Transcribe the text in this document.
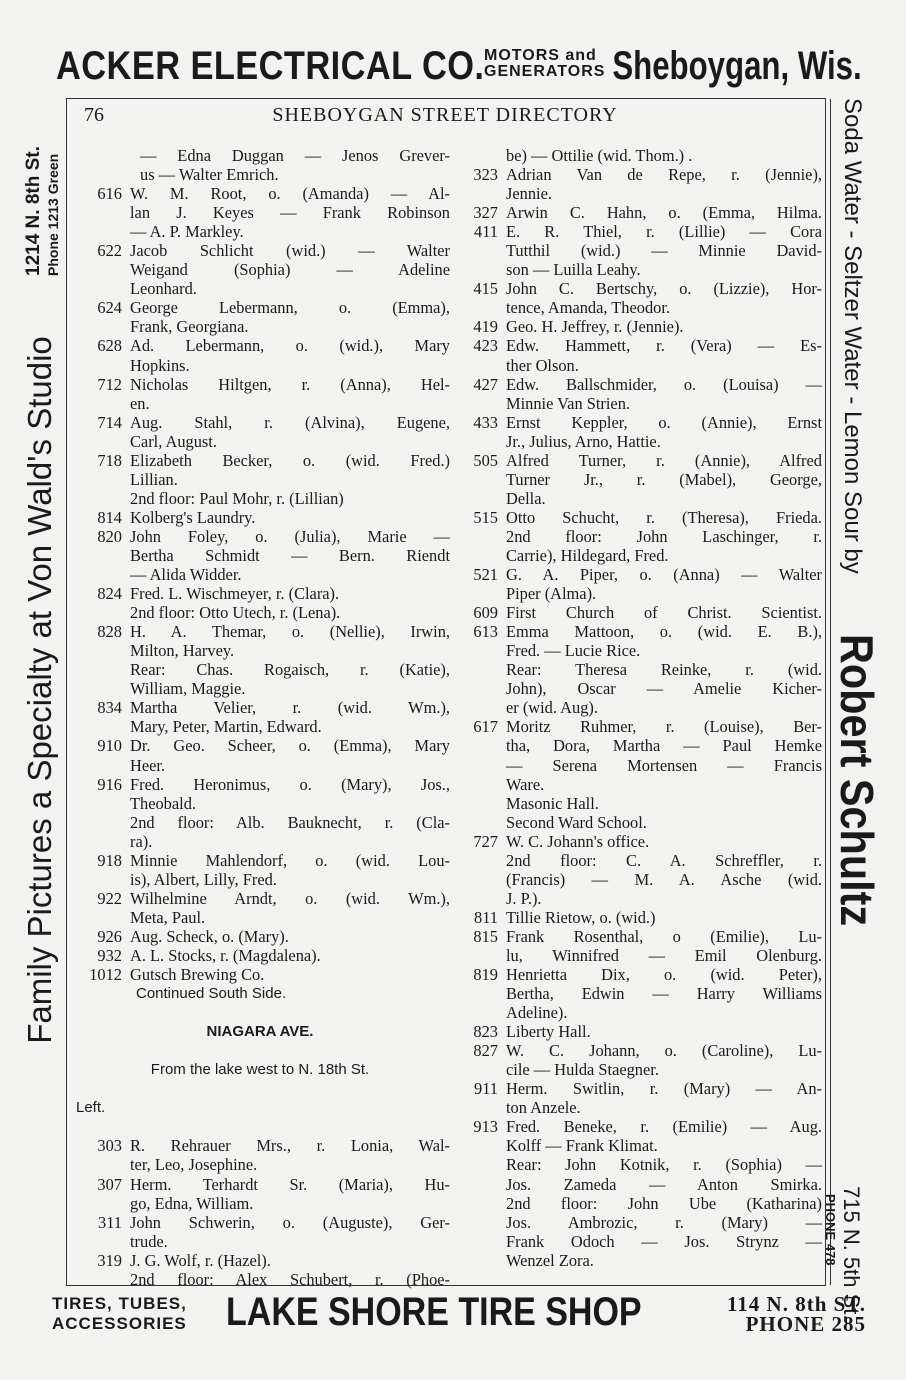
ACKER ELECTRICAL CO. MOTORS and
GENERATORS Sheboygan, Wis.
SHEBOYGAN STREET DIRECTORY
76
Family Pictures a Specialty at Von Wald's Studio
1214 N. 8th St. Phone 1213 Green	Soda Water - Seltzer Water - Lemon Sour by
Robert Schultz
715 N. 5th St.
PHONE 478
— Edna Duggan — Jenos Grever-
us — Walter Emrich.
616 W. M. Root, o. (Amanda) — Al-
lan J. Keyes — Frank Robinson
— A. P. Markley.
622 Jacob Schlicht (wid.) — Walter
Weigand (Sophia) — Adeline
Leonhard.
624 George Lebermann, o. (Emma),
Frank, Georgiana.
628 Ad. Lebermann, o. (wid.), Mary
Hopkins.
712 Nicholas Hiltgen, r. (Anna), Hel-
en.
714 Aug. Stahl, r. (Alvina), Eugene,
Carl, August.
718 Elizabeth Becker, o. (wid. Fred.)
Lillian.
2nd floor: Paul Mohr, r. (Lillian)
814 Kolberg's Laundry.
820 John Foley, o. (Julia), Marie —
Bertha Schmidt — Bern. Riendt
— Alida Widder.
824 Fred. L. Wischmeyer, r. (Clara).
2nd floor: Otto Utech, r. (Lena).
828 H. A. Themar, o. (Nellie), Irwin,
Milton, Harvey.
Rear: Chas. Rogaisch, r. (Katie),
William, Maggie.
834 Martha Velier, r. (wid. Wm.),
Mary, Peter, Martin, Edward.
910 Dr. Geo. Scheer, o. (Emma), Mary
Heer.
916 Fred. Heronimus, o. (Mary), Jos.,
Theobald.
2nd floor: Alb. Bauknecht, r. (Cla-
ra).
918 Minnie Mahlendorf, o. (wid. Lou-
is), Albert, Lilly, Fred.
922 Wilhelmine Arndt, o. (wid. Wm.),
Meta, Paul.
926 Aug. Scheck, o. (Mary).
932 A. L. Stocks, r. (Magdalena).
1012 Gutsch Brewing Co.
Continued South Side.
NIAGARA AVE.
From the lake west to N. 18th St.
Left.
303 R. Rehrauer Mrs., r. Lonia, Wal-
ter, Leo, Josephine.
307 Herm. Terhardt Sr. (Maria), Hu-
go, Edna, William.
311 John Schwerin, o. (Auguste), Ger-
trude.
319 J. G. Wolf, r. (Hazel).
2nd floor: Alex Schubert, r. (Phoe-
be) — Ottilie (wid. Thom.) .
323 Adrian Van de Repe, r. (Jennie),
Jennie.
327 Arwin C. Hahn, o. (Emma, Hilma.
411 E. R. Thiel, r. (Lillie) — Cora
Tutthil (wid.) — Minnie David-
son — Luilla Leahy.
415 John C. Bertschy, o. (Lizzie), Hor-
tence, Amanda, Theodor.
419 Geo. H. Jeffrey, r. (Jennie).
423 Edw. Hammett, r. (Vera) — Es-
ther Olson.
427 Edw. Ballschmider, o. (Louisa) —
Minnie Van Strien.
433 Ernst Keppler, o. (Annie), Ernst
Jr., Julius, Arno, Hattie.
505 Alfred Turner, r. (Annie), Alfred
Turner Jr., r. (Mabel), George,
Della.
515 Otto Schucht, r. (Theresa), Frieda.
2nd floor: John Laschinger, r.
Carrie), Hildegard, Fred.
521 G. A. Piper, o. (Anna) — Walter
Piper (Alma).
609 First Church of Christ. Scientist.
613 Emma Mattoon, o. (wid. E. B.),
Fred. — Lucie Rice.
Rear: Theresa Reinke, r. (wid.
John), Oscar — Amelie Kicher-
er (wid. Aug).
617 Moritz Ruhmer, r. (Louise), Ber-
tha, Dora, Martha — Paul Hemke
— Serena Mortensen — Francis
Ware.
Masonic Hall.
Second Ward School.
727 W. C. Johann's office.
2nd floor: C. A. Schreffler, r.
(Francis) — M. A. Asche (wid.
J. P.).
811 Tillie Rietow, o. (wid.)
815 Frank Rosenthal, o (Emilie), Lu-
lu, Winnifred — Emil Olenburg.
819 Henrietta Dix, o. (wid. Peter),
Bertha, Edwin — Harry Williams
Adeline).
823 Liberty Hall.
827 W. C. Johann, o. (Caroline), Lu-
cile — Hulda Staegner.
911 Herm. Switlin, r. (Mary) — An-
ton Anzele.
913 Fred. Beneke, r. (Emilie) — Aug.
Kolff — Frank Klimat.
Rear: John Kotnik, r. (Sophia) —
Jos. Zameda — Anton Smirka.
2nd floor: John Ube (Katharina)
Jos. Ambrozic, r. (Mary) —
Frank Odoch — Jos. Strynz —
Wenzel Zora.
TIRES, TUBES,
ACCESSORIES LAKE SHORE TIRE SHOP	114 N. 8th ST.
PHONE 285
